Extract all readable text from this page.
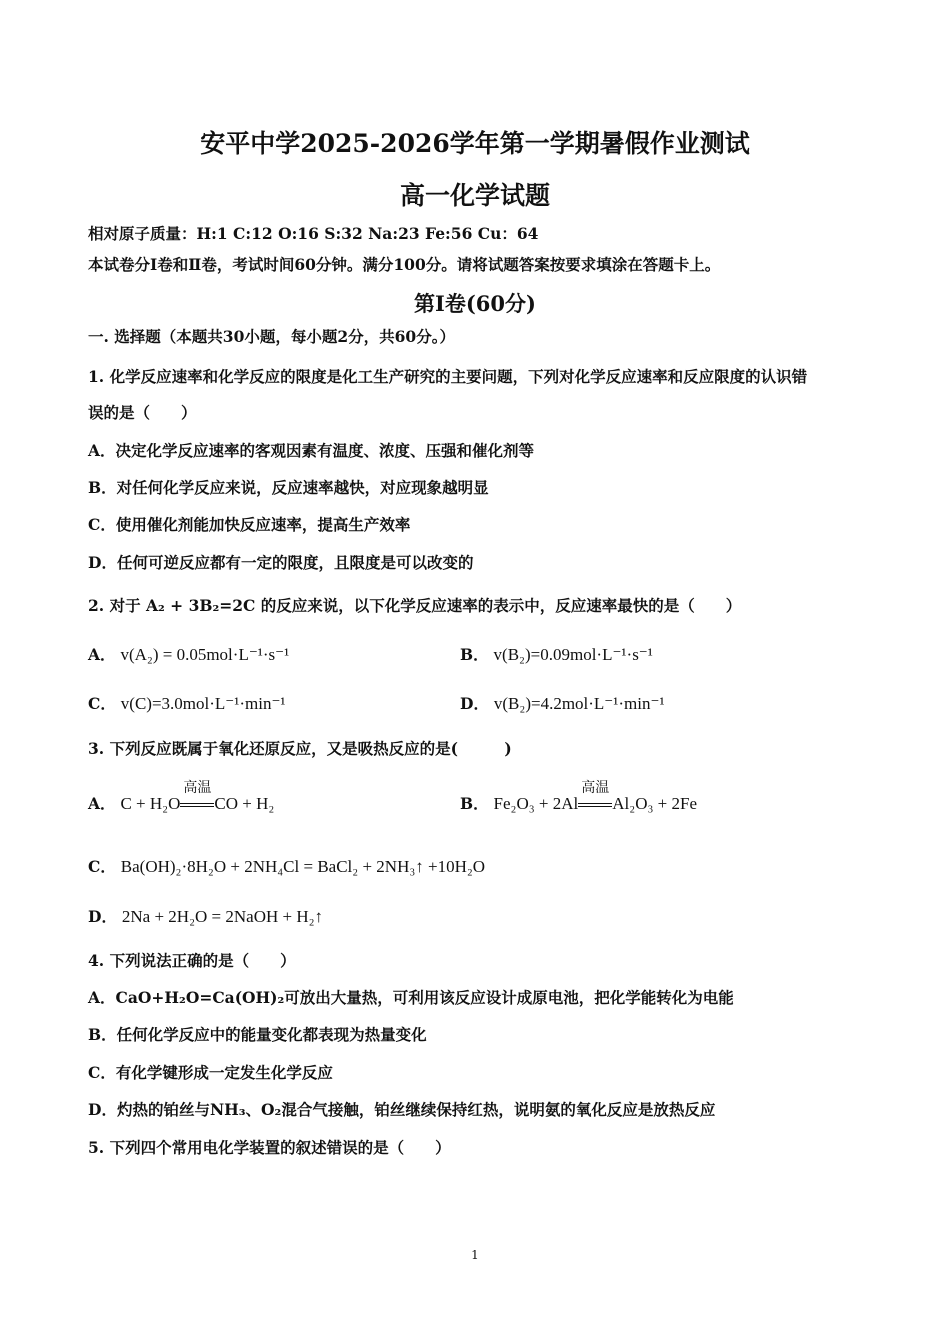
安平中学2025-2026学年第一学期暑假作业测试
高一化学试题
相对原子质量：H:1 C:12 O:16 S:32 Na:23 Fe:56 Cu：64
本试卷分Ⅰ卷和Ⅱ卷，考试时间60分钟。满分100分。请将试题答案按要求填涂在答题卡上。
第Ⅰ卷(60分)
一. 选择题（本题共30小题，每小题2分，共60分。）
1. 化学反应速率和化学反应的限度是化工生产研究的主要问题，下列对化学反应速率和反应限度的认识错
误的是（　　）
A．决定化学反应速率的客观因素有温度、浓度、压强和催化剂等
B．对任何化学反应来说，反应速率越快，对应现象越明显
C．使用催化剂能加快反应速率，提高生产效率
D．任何可逆反应都有一定的限度，且限度是可以改变的
2. 对于 A₂ + 3B₂=2C 的反应来说，以下化学反应速率的表示中，反应速率最快的是（　　）
A． v(A₂) = 0.05mol·L⁻¹·s⁻¹	B． v(B₂)=0.09mol·L⁻¹·s⁻¹
C． v(C)=3.0mol·L⁻¹·min⁻¹	D． v(B₂)=4.2mol·L⁻¹·min⁻¹
3. 下列反应既属于氧化还原反应，又是吸热反应的是(　　　)
A． C + H₂O
高温
CO + H₂	B． Fe₂O₃ + 2Al
高温
Al₂O₃ + 2Fe
C． Ba(OH)₂·8H₂O + 2NH₄Cl = BaCl₂ + 2NH₃↑ +10H₂O
D． 2Na + 2H₂O = 2NaOH + H₂↑
4. 下列说法正确的是（　　）
A．CaO+H₂O=Ca(OH)₂可放出大量热，可利用该反应设计成原电池，把化学能转化为电能
B．任何化学反应中的能量变化都表现为热量变化
C．有化学键形成一定发生化学反应
D．灼热的铂丝与NH₃、O₂混合气接触，铂丝继续保持红热，说明氨的氧化反应是放热反应
5. 下列四个常用电化学装置的叙述错误的是（　　）
1
